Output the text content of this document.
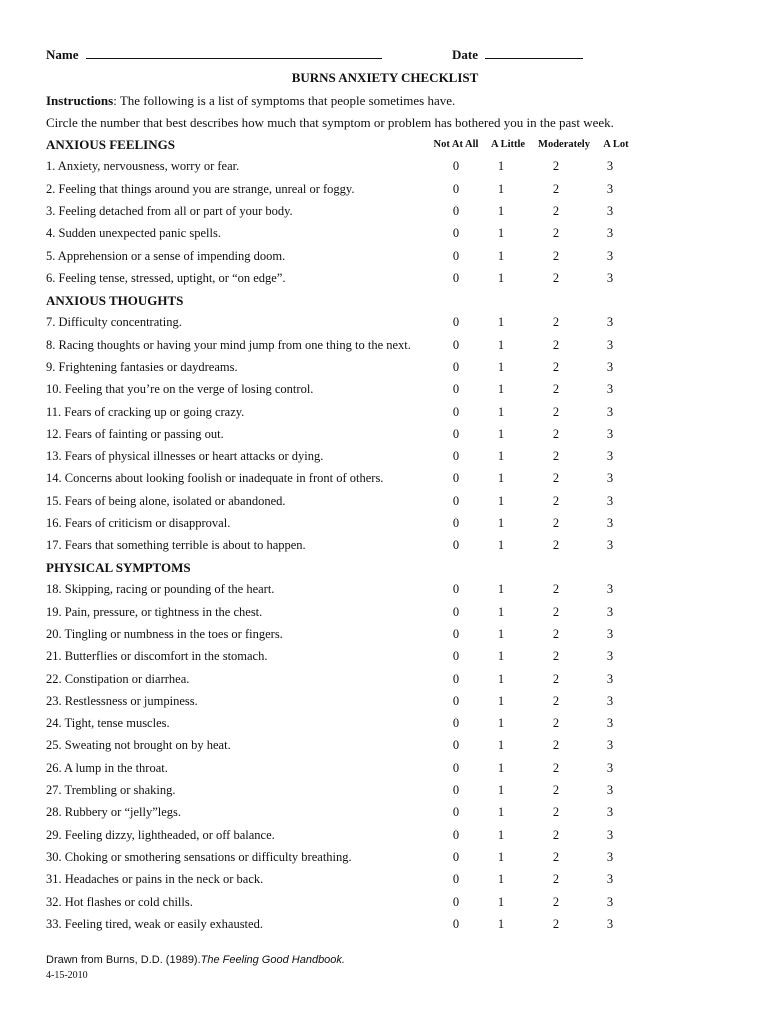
Name	Date
BURNS ANXIETY CHECKLIST
Instructions: The following is a list of symptoms that people sometimes have.
Circle the number that best describes how much that symptom or problem has bothered you in the past week.
Not At All	A Little	Moderately	A Lot
ANXIOUS FEELINGS
1. Anxiety, nervousness, worry or fear.	0	1	2	3
2. Feeling that things around you are strange, unreal or foggy.	0	1	2	3
3. Feeling detached from all or part of your body.	0	1	2	3
4. Sudden unexpected panic spells.	0	1	2	3
5. Apprehension or a sense of impending doom.	0	1	2	3
6. Feeling tense, stressed, uptight, or “on edge”.	0	1	2	3
ANXIOUS THOUGHTS
7. Difficulty concentrating.	0	1	2	3
8. Racing thoughts or having your mind jump from one thing to the next.	0	1	2	3
9. Frightening fantasies or daydreams.	0	1	2	3
10. Feeling that you’re on the verge of losing control.	0	1	2	3
11. Fears of cracking up or going crazy.	0	1	2	3
12. Fears of fainting or passing out.	0	1	2	3
13. Fears of physical illnesses or heart attacks or dying.	0	1	2	3
14. Concerns about looking foolish or inadequate in front of others.	0	1	2	3
15. Fears of being alone, isolated or abandoned.	0	1	2	3
16. Fears of criticism or disapproval.	0	1	2	3
17. Fears that something terrible is about to happen.	0	1	2	3
PHYSICAL SYMPTOMS
18. Skipping, racing or pounding of the heart.	0	1	2	3
19. Pain, pressure, or tightness in the chest.	0	1	2	3
20. Tingling or numbness in the toes or fingers.	0	1	2	3
21. Butterflies or discomfort in the stomach.	0	1	2	3
22. Constipation or diarrhea.	0	1	2	3
23. Restlessness or jumpiness.	0	1	2	3
24. Tight, tense muscles.	0	1	2	3
25. Sweating not brought on by heat.	0	1	2	3
26. A lump in the throat.	0	1	2	3
27. Trembling or shaking.	0	1	2	3
28. Rubbery or “jelly”legs.	0	1	2	3
29. Feeling dizzy, lightheaded, or off balance.	0	1	2	3
30. Choking or smothering sensations or difficulty breathing.	0	1	2	3
31. Headaches or pains in the neck or back.	0	1	2	3
32. Hot flashes or cold chills.	0	1	2	3
33. Feeling tired, weak or easily exhausted.	0	1	2	3
Drawn from Burns, D.D. (1989).The Feeling Good Handbook.
4-15-2010
